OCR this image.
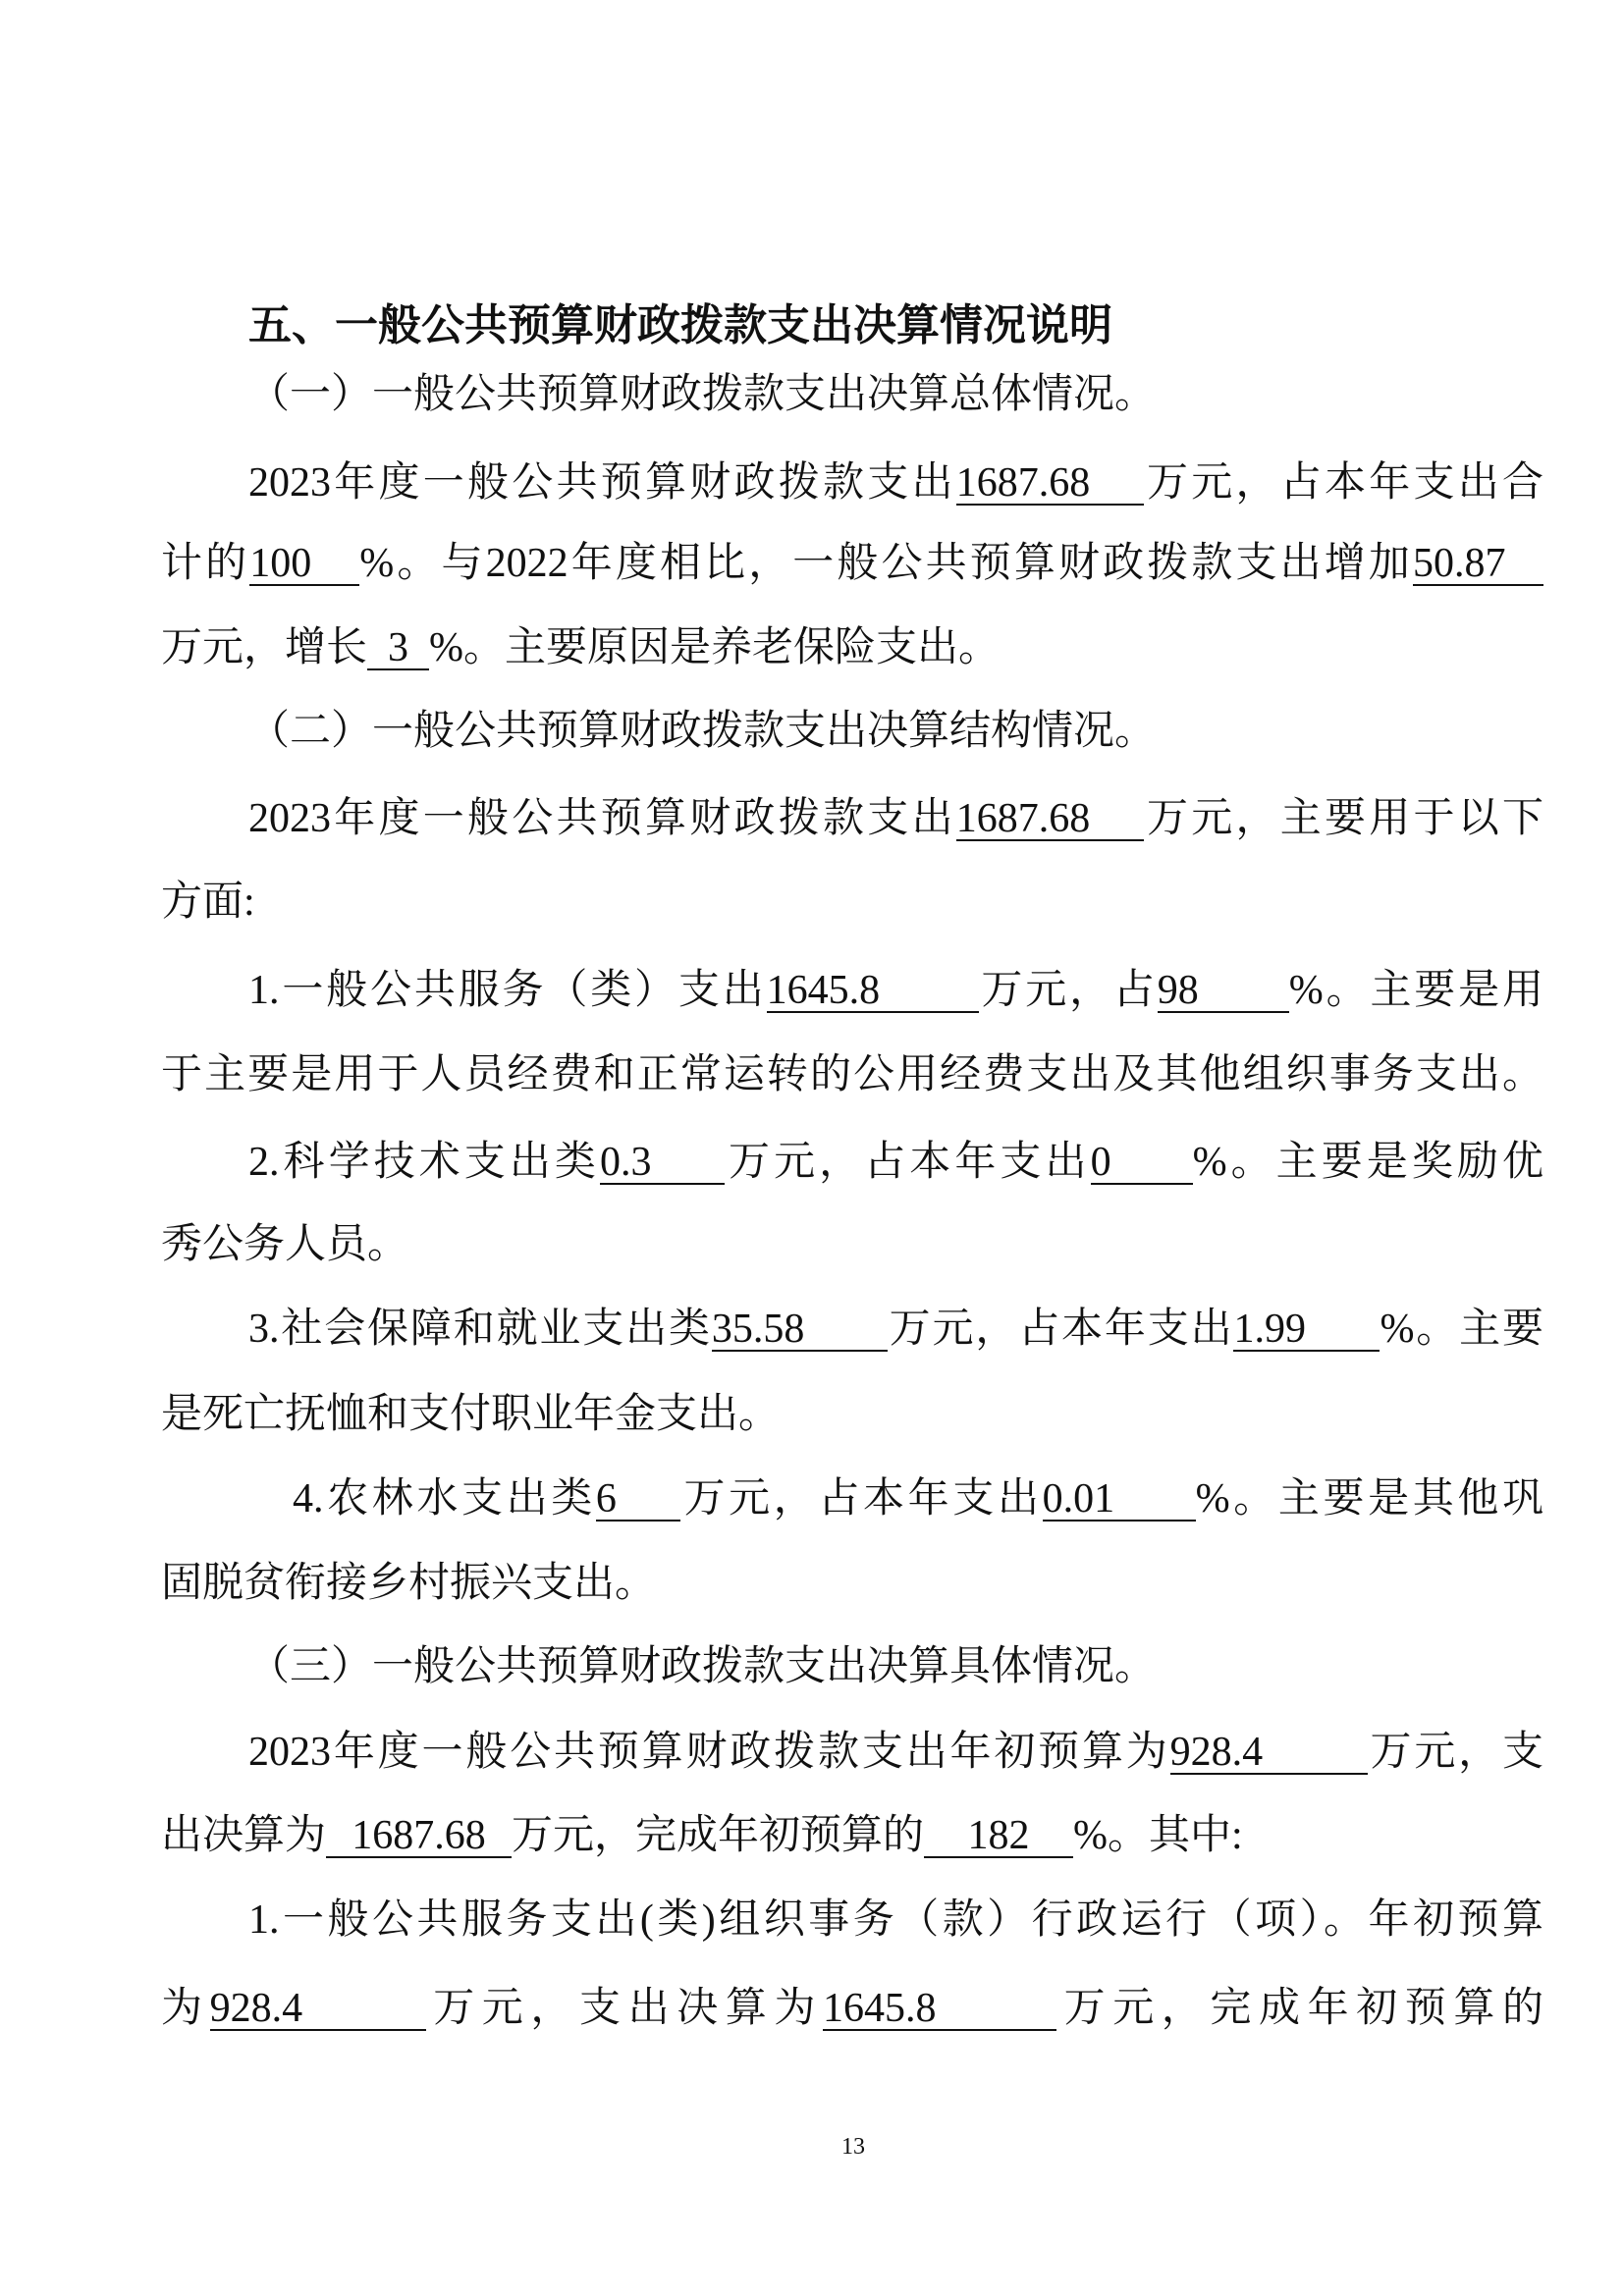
五、一般公共预算财政拨款支出决算情况说明
（一）一般公共预算财政拨款支出决算总体情况。
2023年度一般公共预算财政拨款支出1687.68 万元，占本年支出合
计的100 %。与2022年度相比，一般公共预算财政拨款支出增加50.87
万元，增长 3 %。主要原因是养老保险支出。
（二）一般公共预算财政拨款支出决算结构情况。
2023年度一般公共预算财政拨款支出1687.68 万元，主要用于以下
方面:
1.一般公共服务（类）支出1645.8 万元，占98 %。主要是用
于主要是用于人员经费和正常运转的公用经费支出及其他组织事务支出。
2.科学技术支出类0.3 万元，占本年支出0 %。主要是奖励优
秀公务人员。
3.社会保障和就业支出类35.58 万元，占本年支出1.99 %。主要
是死亡抚恤和支付职业年金支出。
4.农林水支出类6 万元，占本年支出0.01 %。主要是其他巩
固脱贫衔接乡村振兴支出。
（三）一般公共预算财政拨款支出决算具体情况。
2023年度一般公共预算财政拨款支出年初预算为928.4	万元，支
出决算为 1687.68 万元，完成年初预算的 182 %。其中:
1.一般公共服务支出(类)组织事务（款）行政运行（项）。年初预算
为928.4	万元，支出决算为1645.8	万元，完成年初预算的
13
